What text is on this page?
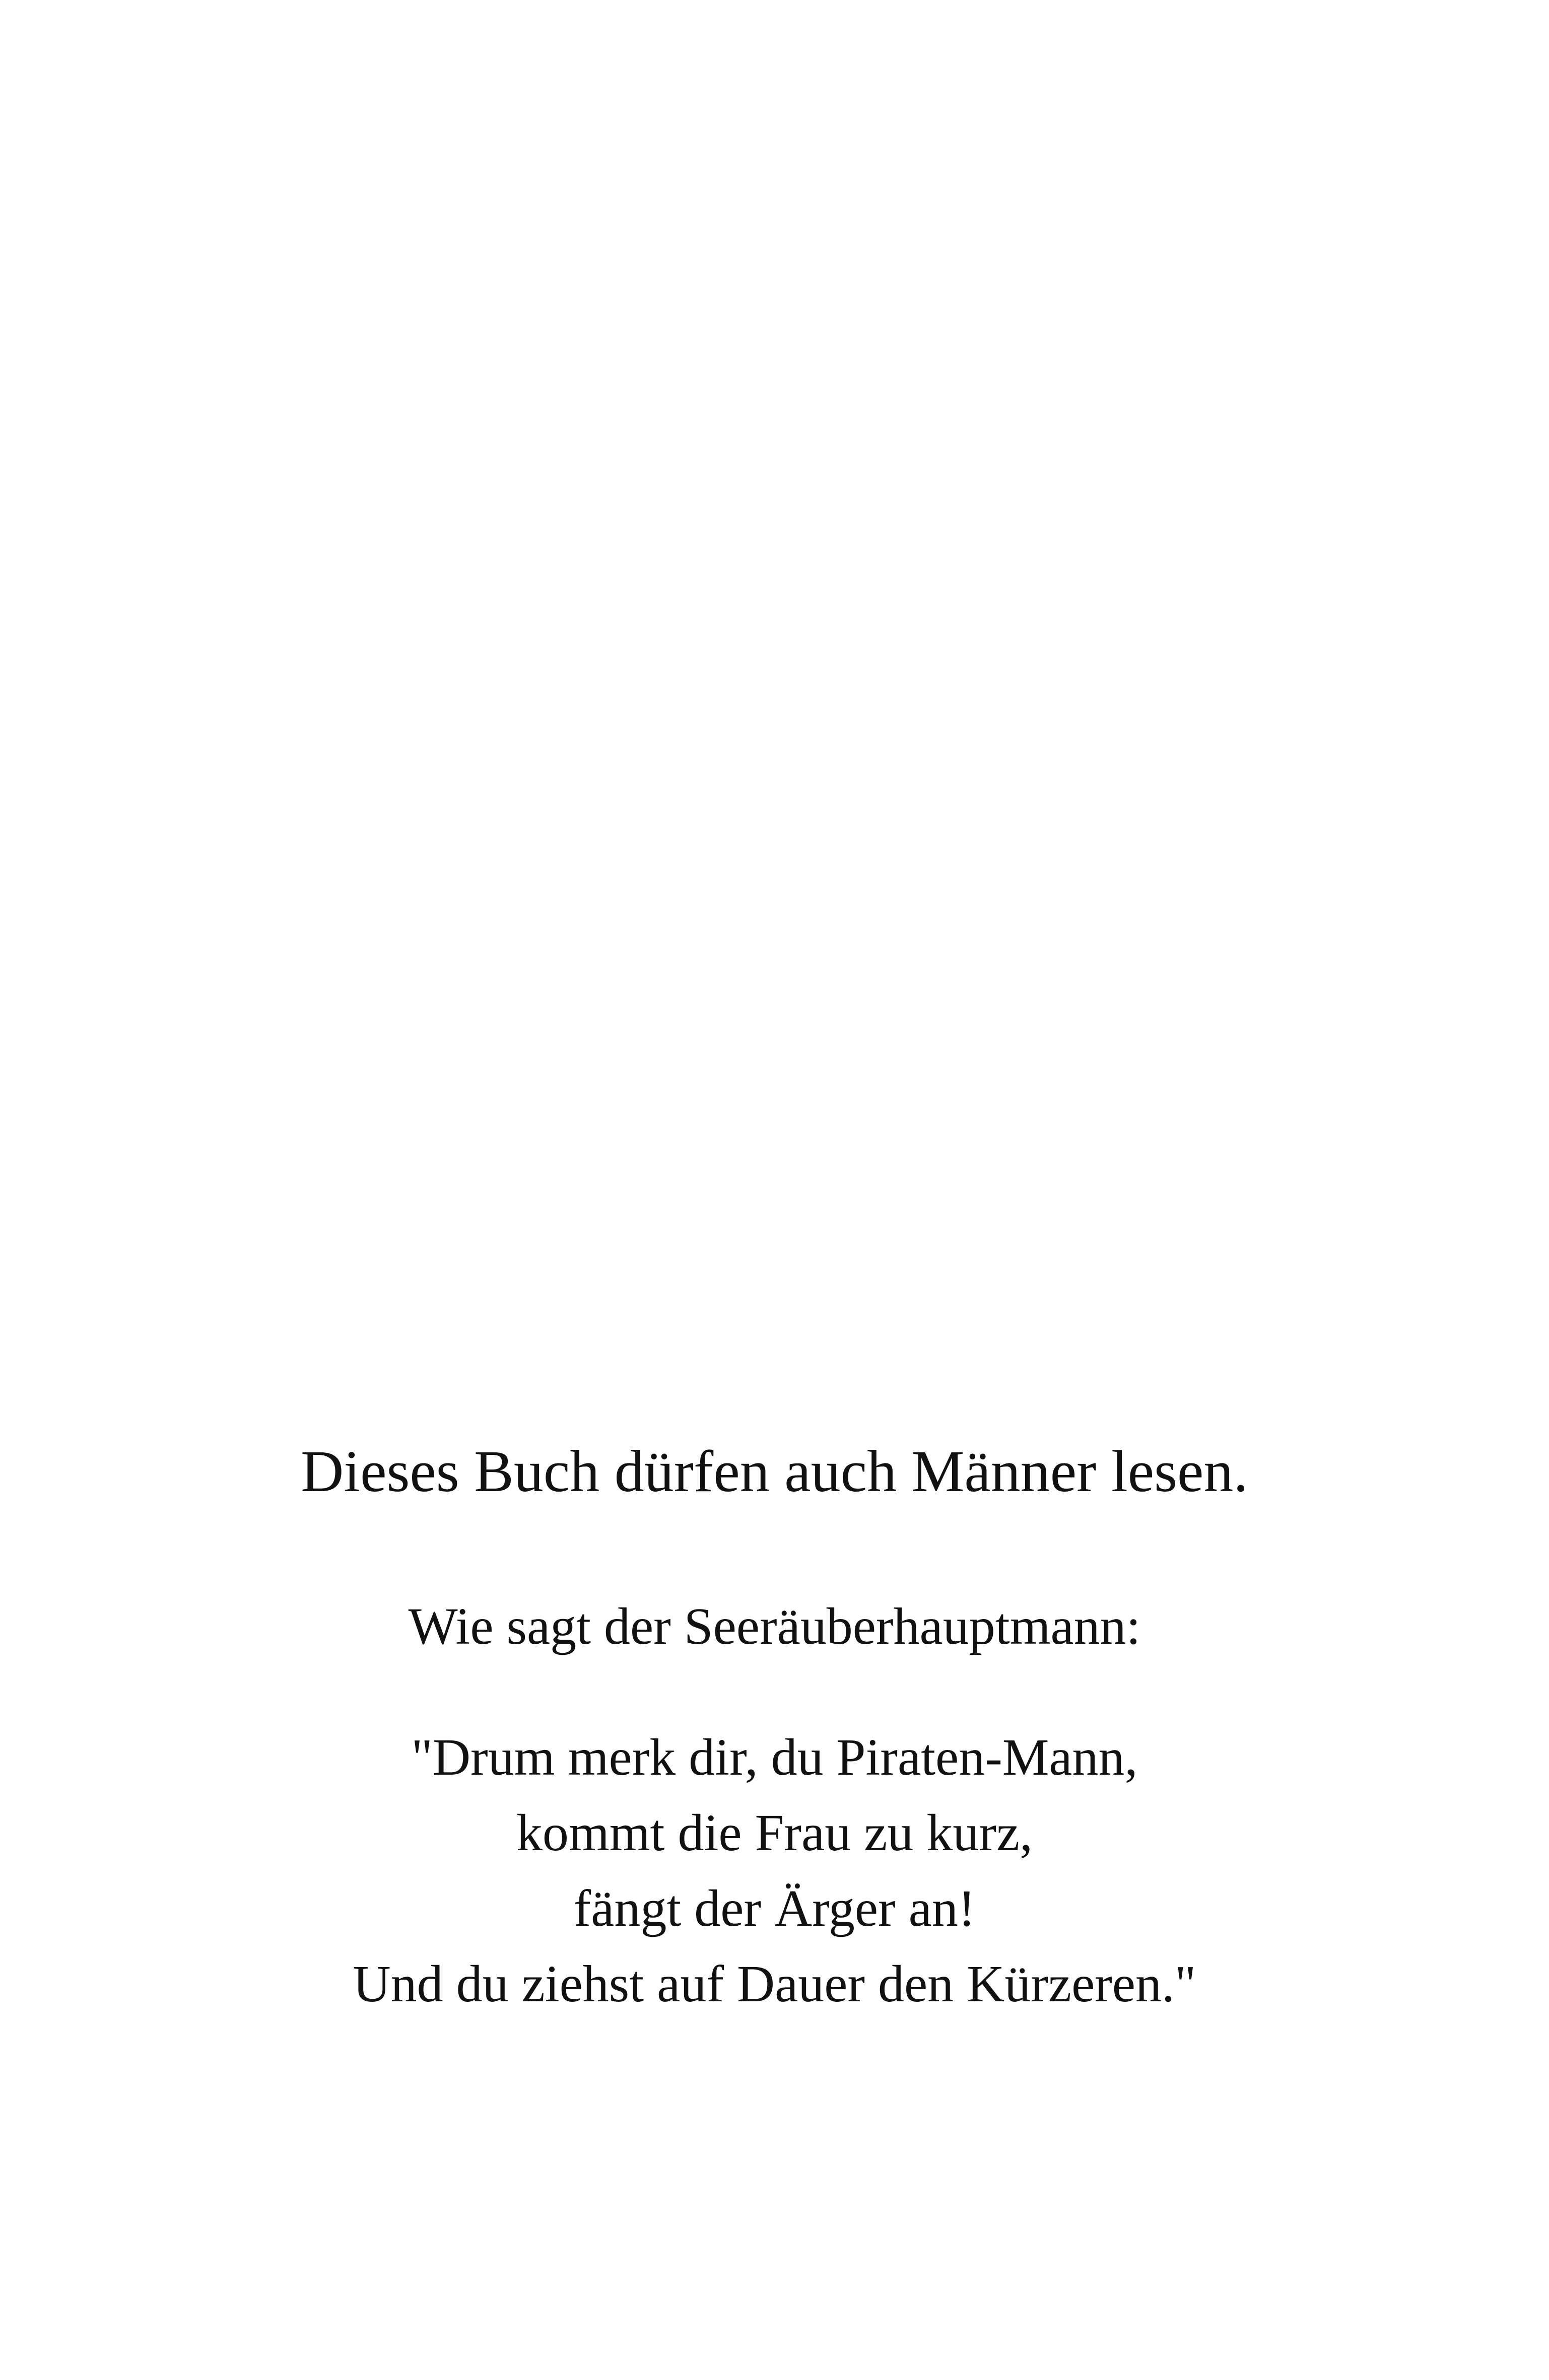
Dieses Buch dürfen auch Männer lesen.
Wie sagt der Seeräuberhauptmann:
"Drum merk dir, du Piraten-Mann,
kommt die Frau zu kurz,
fängt der Ärger an!
Und du ziehst auf Dauer den Kürzeren."
